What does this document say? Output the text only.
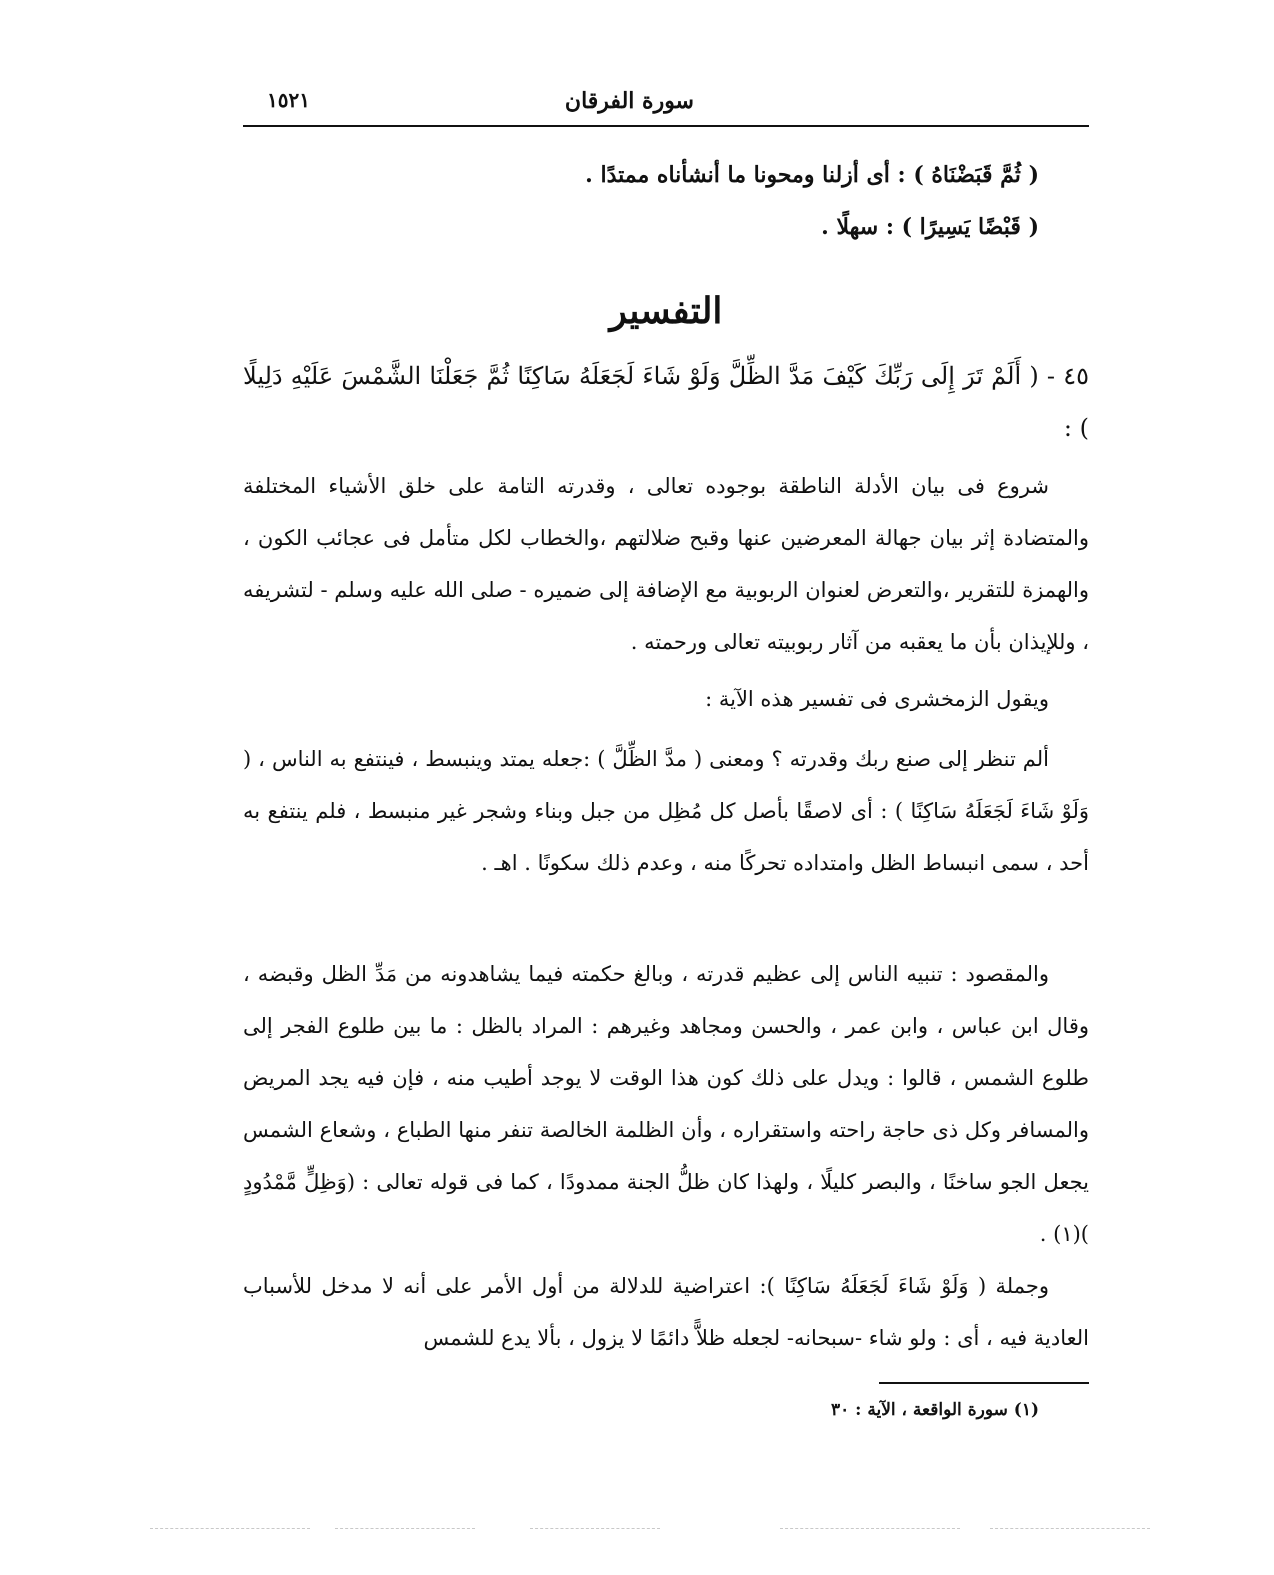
سورة الفرقان
١٥٢١
( ثُمَّ قَبَضْنَاهُ ) : أى أزلنا ومحونا ما أنشأناه ممتدًا .
( قَبْضًا يَسِيرًا ) : سهلًا .
التفسير
٤٥ - ( أَلَمْ تَرَ إِلَى رَبِّكَ كَيْفَ مَدَّ الظِّلَّ وَلَوْ شَاءَ لَجَعَلَهُ سَاكِنًا ثُمَّ جَعَلْنَا الشَّمْسَ عَلَيْهِ دَلِيلًا ) :
شروع فى بيان الأدلة الناطقة بوجوده تعالى ، وقدرته التامة على خلق الأشياء المختلفة والمتضادة إثر بيان جهالة المعرضين عنها وقبح ضلالتهم ،والخطاب لكل متأمل فى عجائب الكون ، والهمزة للتقرير ،والتعرض لعنوان الربوبية مع الإضافة إلى ضميره - صلى الله عليه وسلم - لتشريفه ، وللإيذان بأن ما يعقبه من آثار ربوبيته تعالى ورحمته .
ويقول الزمخشرى فى تفسير هذه الآية :
ألم تنظر إلى صنع ربك وقدرته ؟ ومعنى ( مدَّ الظِّلَّ ) :جعله يمتد وينبسط ، فينتفع به الناس ، ( وَلَوْ شَاءَ لَجَعَلَهُ سَاكِنًا ) : أى لاصقًا بأصل كل مُظِل من جبل وبناء وشجر غير منبسط ، فلم ينتفع به أحد ، سمى انبساط الظل وامتداده تحركًا منه ، وعدم ذلك سكونًا . اهـ .
والمقصود : تنبيه الناس إلى عظيم قدرته ، وبالغ حكمته فيما يشاهدونه من مَدِّ الظل وقبضه ، وقال ابن عباس ، وابن عمر ، والحسن ومجاهد وغيرهم : المراد بالظل : ما بين طلوع الفجر إلى طلوع الشمس ، قالوا : ويدل على ذلك كون هذا الوقت لا يوجد أطيب منه ، فإن فيه يجد المريض والمسافر وكل ذى حاجة راحته واستقراره ، وأن الظلمة الخالصة تنفر منها الطباع ، وشعاع الشمس يجعل الجو ساخنًا ، والبصر كليلًا ، ولهذا كان ظلُّ الجنة ممدودًا ، كما فى قوله تعالى : (وَظِلٍّ مَّمْدُودٍ )(١) .
وجملة ( وَلَوْ شَاءَ لَجَعَلَهُ سَاكِنًا ): اعتراضية للدلالة من أول الأمر على أنه لا مدخل للأسباب العادية فيه ، أى : ولو شاء -سبحانه- لجعله ظلاًّ دائمًا لا يزول ، بألا يدع للشمس
(١) سورة الواقعة ، الآية : ٣٠
